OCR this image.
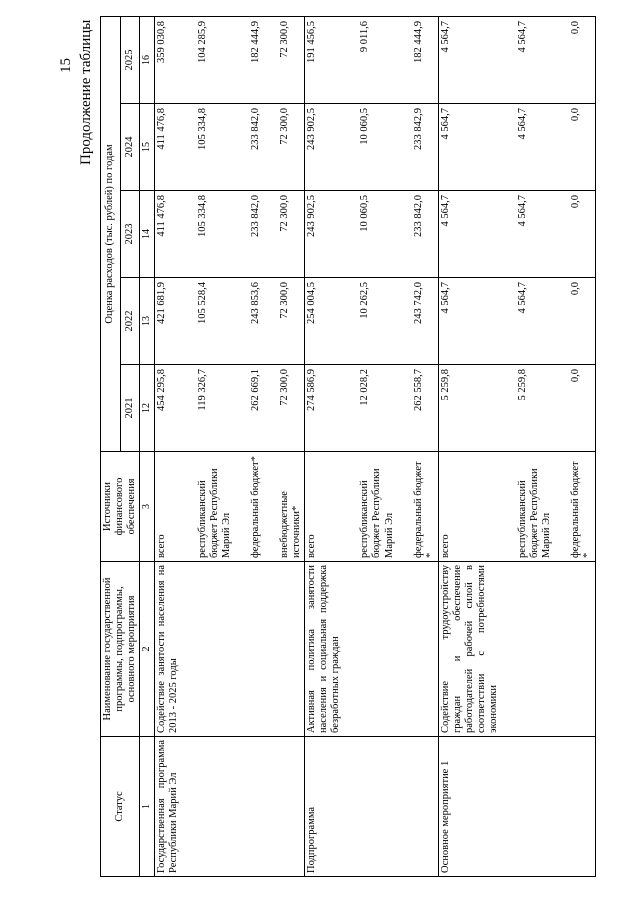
15 Продолжение таблицы
Статус	Наименование государственной программы, подпрограммы, основного мероприятия	Источники финансового обеспечения	Оценка расходов (тыс. рублей) по годам				
			2021	2022	2023	2024	2025
1	2	3	12	13	14	15	16
Государственная программа Республики Марий Эл	Содействие занятости населения на 2013 - 2025 годы	всего	454 295,8	421 681,9	411 476,8	411 476,8	359 030,8
		республиканский бюджет Республики Марий Эл	119 326,7	105 528,4	105 334,8	105 334,8	104 285,9
		федеральный бюджет*	262 669,1	243 853,6	233 842,0	233 842,0	182 444,9
		внебюджетные источники*	72 300,0	72 300,0	72 300,0	72 300,0	72 300,0
Подпрограмма	Активная политика занятости населения и социальная поддержка безработных граждан	всего	274 586,9	254 004,5	243 902,5	243 902,5	191 456,5
		республиканский бюджет Республики Марий Эл	12 028,2	10 262,5	10 060,5	10 060,5	9 011,6
		федеральный бюджет *	262 558,7	243 742,0	233 842,0	233 842,9	182 444,9
Основное мероприятие 1	Содействие трудоустройству граждан и обеспечение работодателей рабочей силой в соответствии с потребностями экономики	всего	5 259,8	4 564,7	4 564,7	4 564,7	4 564,7
		республиканский бюджет Республики Марий Эл	5 259,8	4 564,7	4 564,7	4 564,7	4 564,7
		федеральный бюджет *	0,0	0,0	0,0	0,0	0,0
